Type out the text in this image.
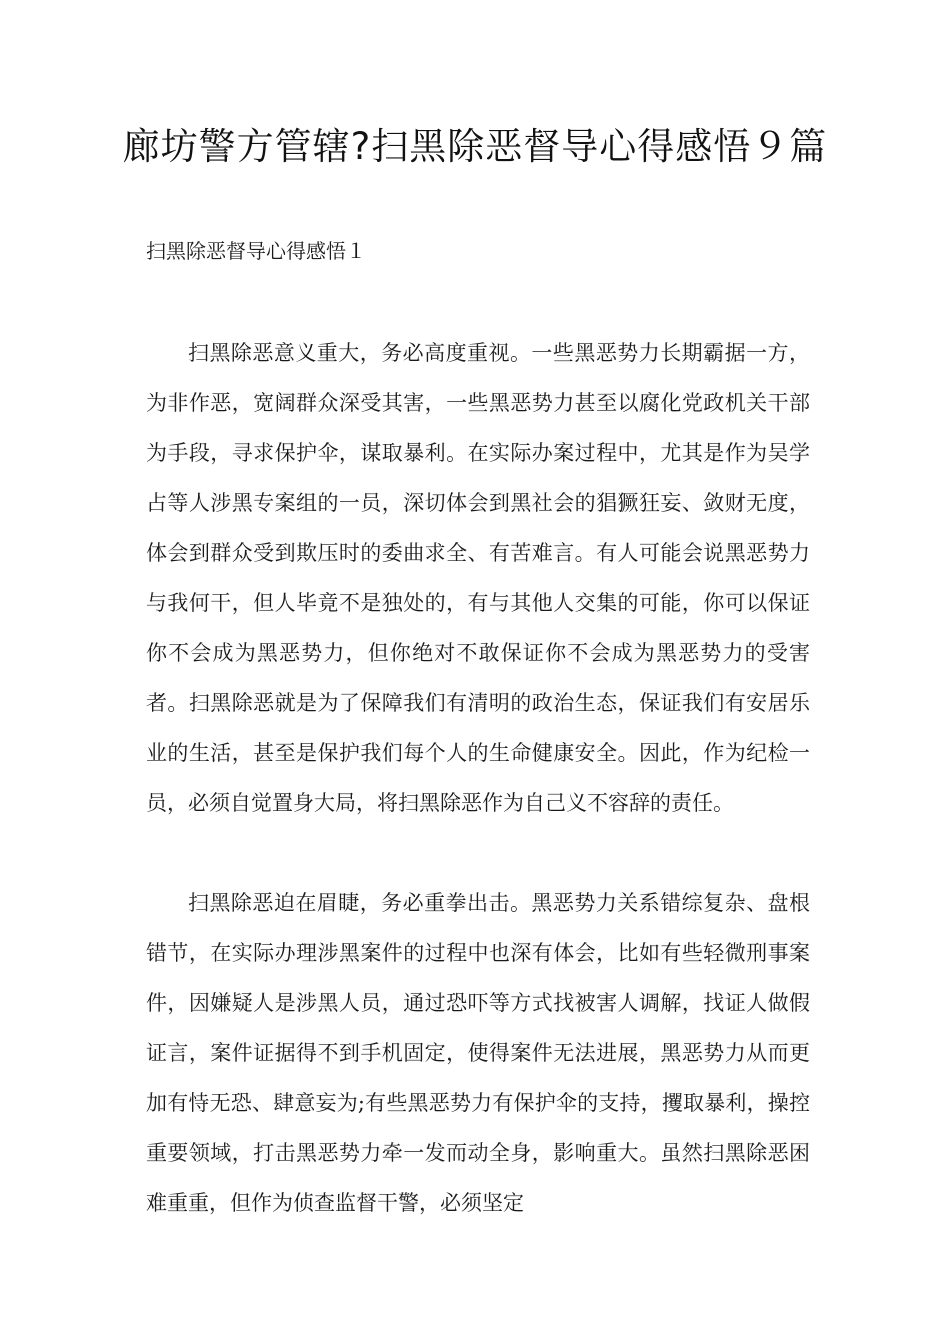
廊坊警方管辖?扫黑除恶督导心得感悟９篇

扫黑除恶督导心得感悟１

扫黑除恶意义重大，务必高度重视。一些黑恶势力长期霸据一方，为非作恶，宽阔群众深受其害，一些黑恶势力甚至以腐化党政机关干部为手段，寻求保护伞，谋取暴利。在实际办案过程中，尤其是作为吴学占等人涉黑专案组的一员，深切体会到黑社会的猖獗狂妄、敛财无度，体会到群众受到欺压时的委曲求全、有苦难言。有人可能会说黑恶势力与我何干，但人毕竟不是独处的，有与其他人交集的可能，你可以保证你不会成为黑恶势力，但你绝对不敢保证你不会成为黑恶势力的受害者。扫黑除恶就是为了保障我们有清明的政治生态，保证我们有安居乐业的生活，甚至是保护我们每个人的生命健康安全。因此，作为纪检一员，必须自觉置身大局，将扫黑除恶作为自己义不容辞的责任。

扫黑除恶迫在眉睫，务必重拳出击。黑恶势力关系错综复杂、盘根错节，在实际办理涉黑案件的过程中也深有体会，比如有些轻微刑事案件，因嫌疑人是涉黑人员，通过恐吓等方式找被害人调解，找证人做假证言，案件证据得不到手机固定，使得案件无法进展，黑恶势力从而更加有恃无恐、肆意妄为;有些黑恶势力有保护伞的支持，攫取暴利，操控重要领域，打击黑恶势力牵一发而动全身，影响重大。虽然扫黑除恶困难重重，但作为侦查监督干警，必须坚定
